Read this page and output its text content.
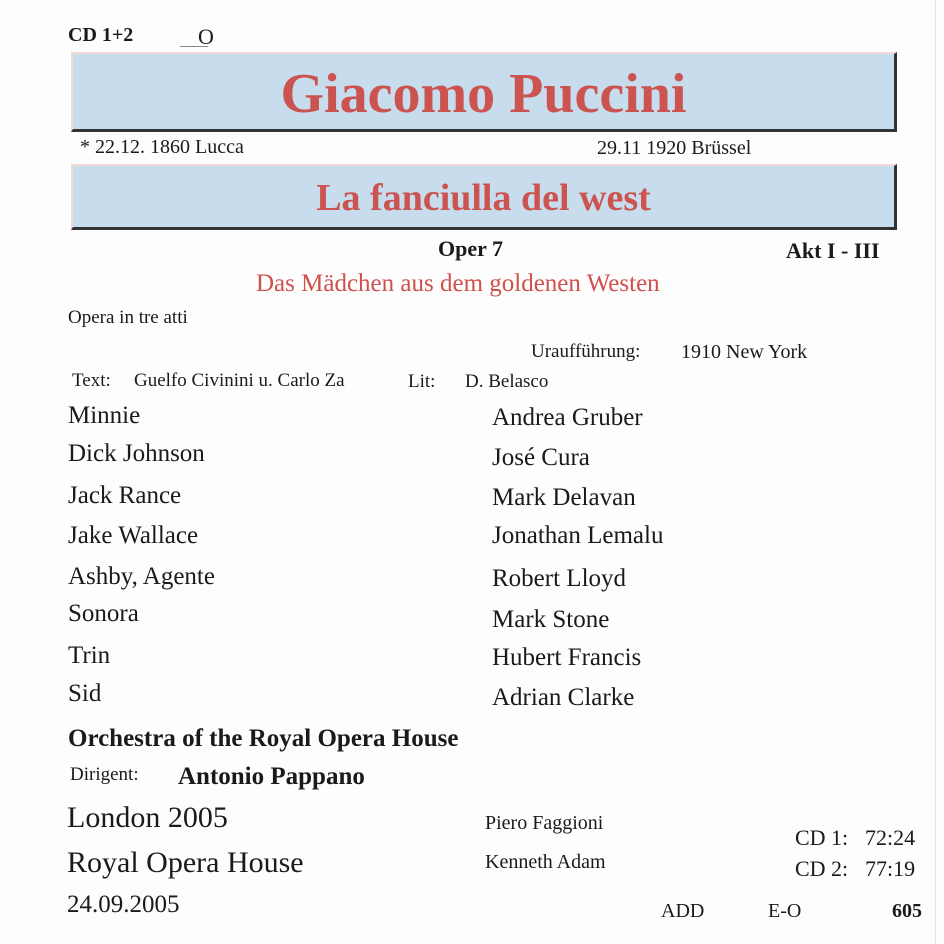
CD 1+2	O
Giacomo Puccini
* 22.12. 1860 Lucca	29.11 1920 Brüssel
La fanciulla del west
Oper 7	Akt I - III
Das Mädchen aus dem goldenen Westen
Opera in tre atti
Uraufführung: 1910 New York
Text: Guelfo Civinini u. Carlo Za	Lit: D. Belasco
Minnie	Andrea Gruber
Dick Johnson	José Cura
Jack Rance	Mark Delavan
Jake Wallace	Jonathan Lemalu
Ashby, Agente	Robert Lloyd
Sonora	Mark Stone
Trin	Hubert Francis
Sid	Adrian Clarke
Orchestra of the Royal Opera House
Dirigent: Antonio Pappano
London 2005
Royal Opera House
24.09.2005
Piero Faggioni
Kenneth Adam
CD 1: 72:24
CD 2: 77:19
ADD	E-O	605
